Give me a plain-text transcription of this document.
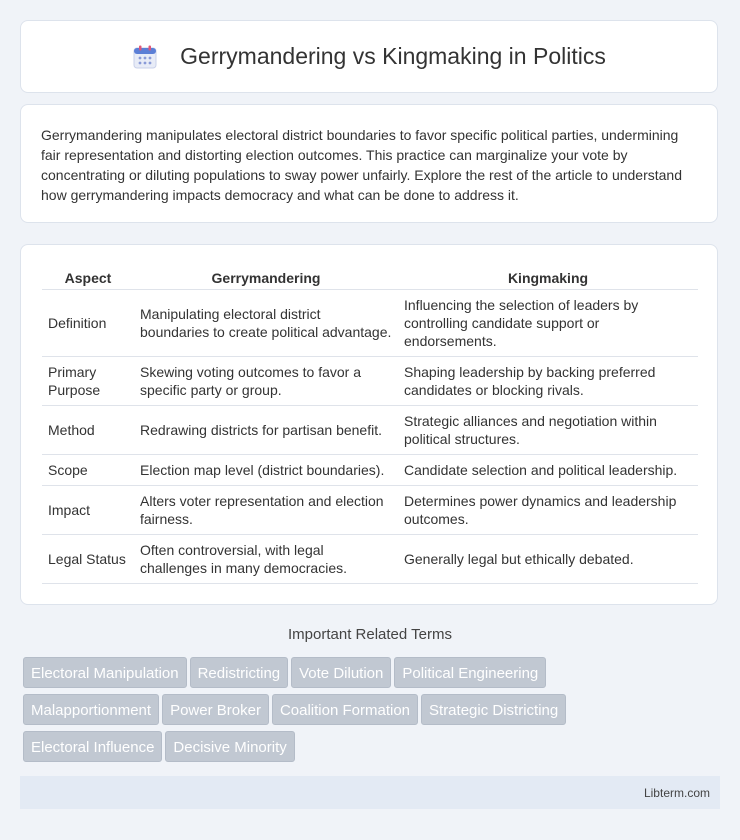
Gerrymandering vs Kingmaking in Politics

Gerrymandering manipulates electoral district boundaries to favor specific political parties, undermining fair representation and distorting election outcomes. This practice can marginalize your vote by concentrating or diluting populations to sway power unfairly. Explore the rest of the article to understand how gerrymandering impacts democracy and what can be done to address it.

Aspect	Gerrymandering	Kingmaking
Definition	Manipulating electoral district boundaries to create political advantage.	Influencing the selection of leaders by controlling candidate support or endorsements.
Primary Purpose	Skewing voting outcomes to favor a specific party or group.	Shaping leadership by backing preferred candidates or blocking rivals.
Method	Redrawing districts for partisan benefit.	Strategic alliances and negotiation within political structures.
Scope	Election map level (district boundaries).	Candidate selection and political leadership.
Impact	Alters voter representation and election fairness.	Determines power dynamics and leadership outcomes.
Legal Status	Often controversial, with legal challenges in many democracies.	Generally legal but ethically debated.
Important Related Terms
Electoral Manipulation Redistricting Vote Dilution Political Engineering
Malapportionment Power Broker Coalition Formation Strategic Districting
Electoral Influence Decisive Minority
Libterm.com
